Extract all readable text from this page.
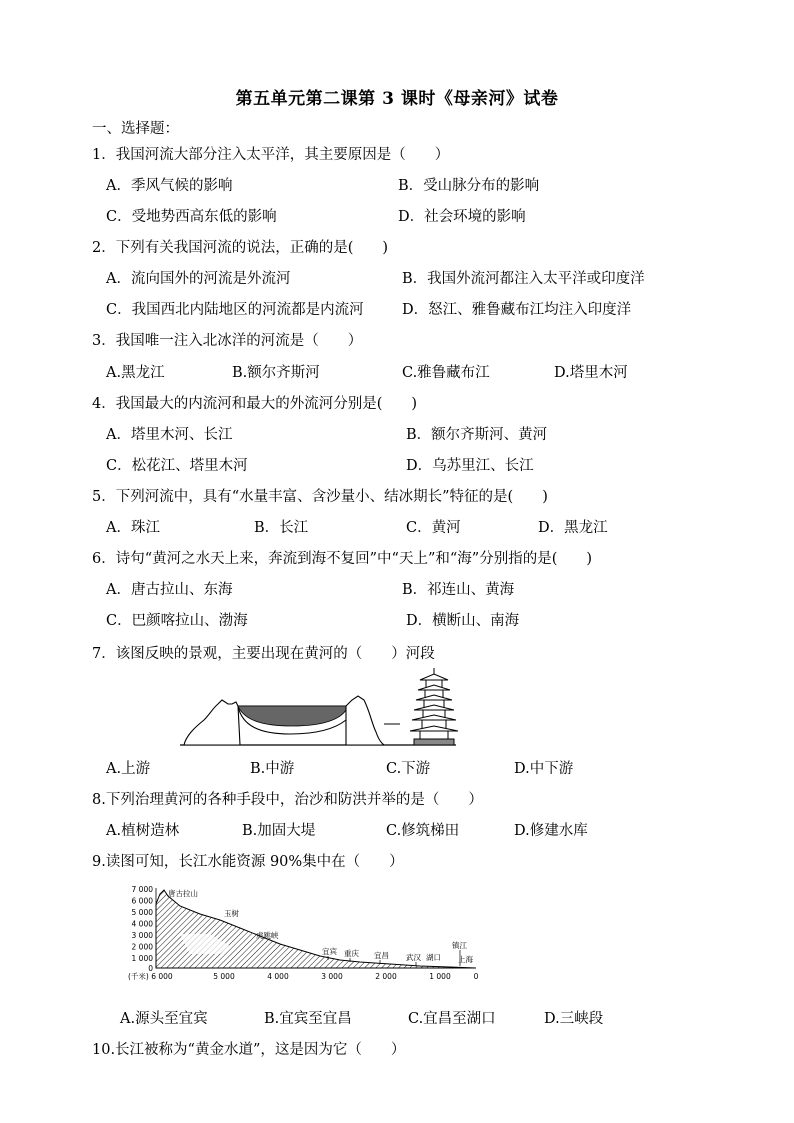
第五单元第二课第 3 课时《母亲河》试卷
一、选择题：
1．我国河流大部分注入太平洋，其主要原因是（　　）
A．季风气候的影响	B．受山脉分布的影响
C．受地势西高东低的影响	D．社会环境的影响
2．下列有关我国河流的说法，正确的是(　　)
A．流向国外的河流是外流河	B．我国外流河都注入太平洋或印度洋
C．我国西北内陆地区的河流都是内流河	D．怒江、雅鲁藏布江均注入印度洋
3．我国唯一注入北冰洋的河流是（　　）
A.黑龙江	B.额尔齐斯河	C.雅鲁藏布江	D.塔里木河
4．我国最大的内流河和最大的外流河分别是(　　)
A．塔里木河、长江	B．额尔齐斯河、黄河
C．松花江、塔里木河	D．乌苏里江、长江
5．下列河流中，具有“水量丰富、含沙量小、结冰期长”特征的是(　　)
A．珠江	B．长江	C．黄河	D．黑龙江
6．诗句“黄河之水天上来，奔流到海不复回”中“天上”和“海”分别指的是(　　)
A．唐古拉山、东海	B．祁连山、黄海
C．巴颜喀拉山、渤海	D．横断山、南海
7．该图反映的景观，主要出现在黄河的（　　）河段
A.上游	B.中游	C.下游	D.中下游
8.下列治理黄河的各种手段中，治沙和防洪并举的是（　　）
A.植树造林	B.加固大堤	C.修筑梯田	D.修建水库
9.读图可知，长江水能资源 90%集中在（　　）
7 000
6 000
5 000
4 000
3 000
2 000
1 000
0
唐古拉山
玉树
虎跳峡
宜宾 重庆 宜昌 武汉 湖口
镇江
上海
(千米) 6 000	5 000	4 000	3 000	2 000	1 000	0
A.源头至宜宾	B.宜宾至宜昌	C.宜昌至湖口	D.三峡段
10.长江被称为“黄金水道”，这是因为它（　　）
